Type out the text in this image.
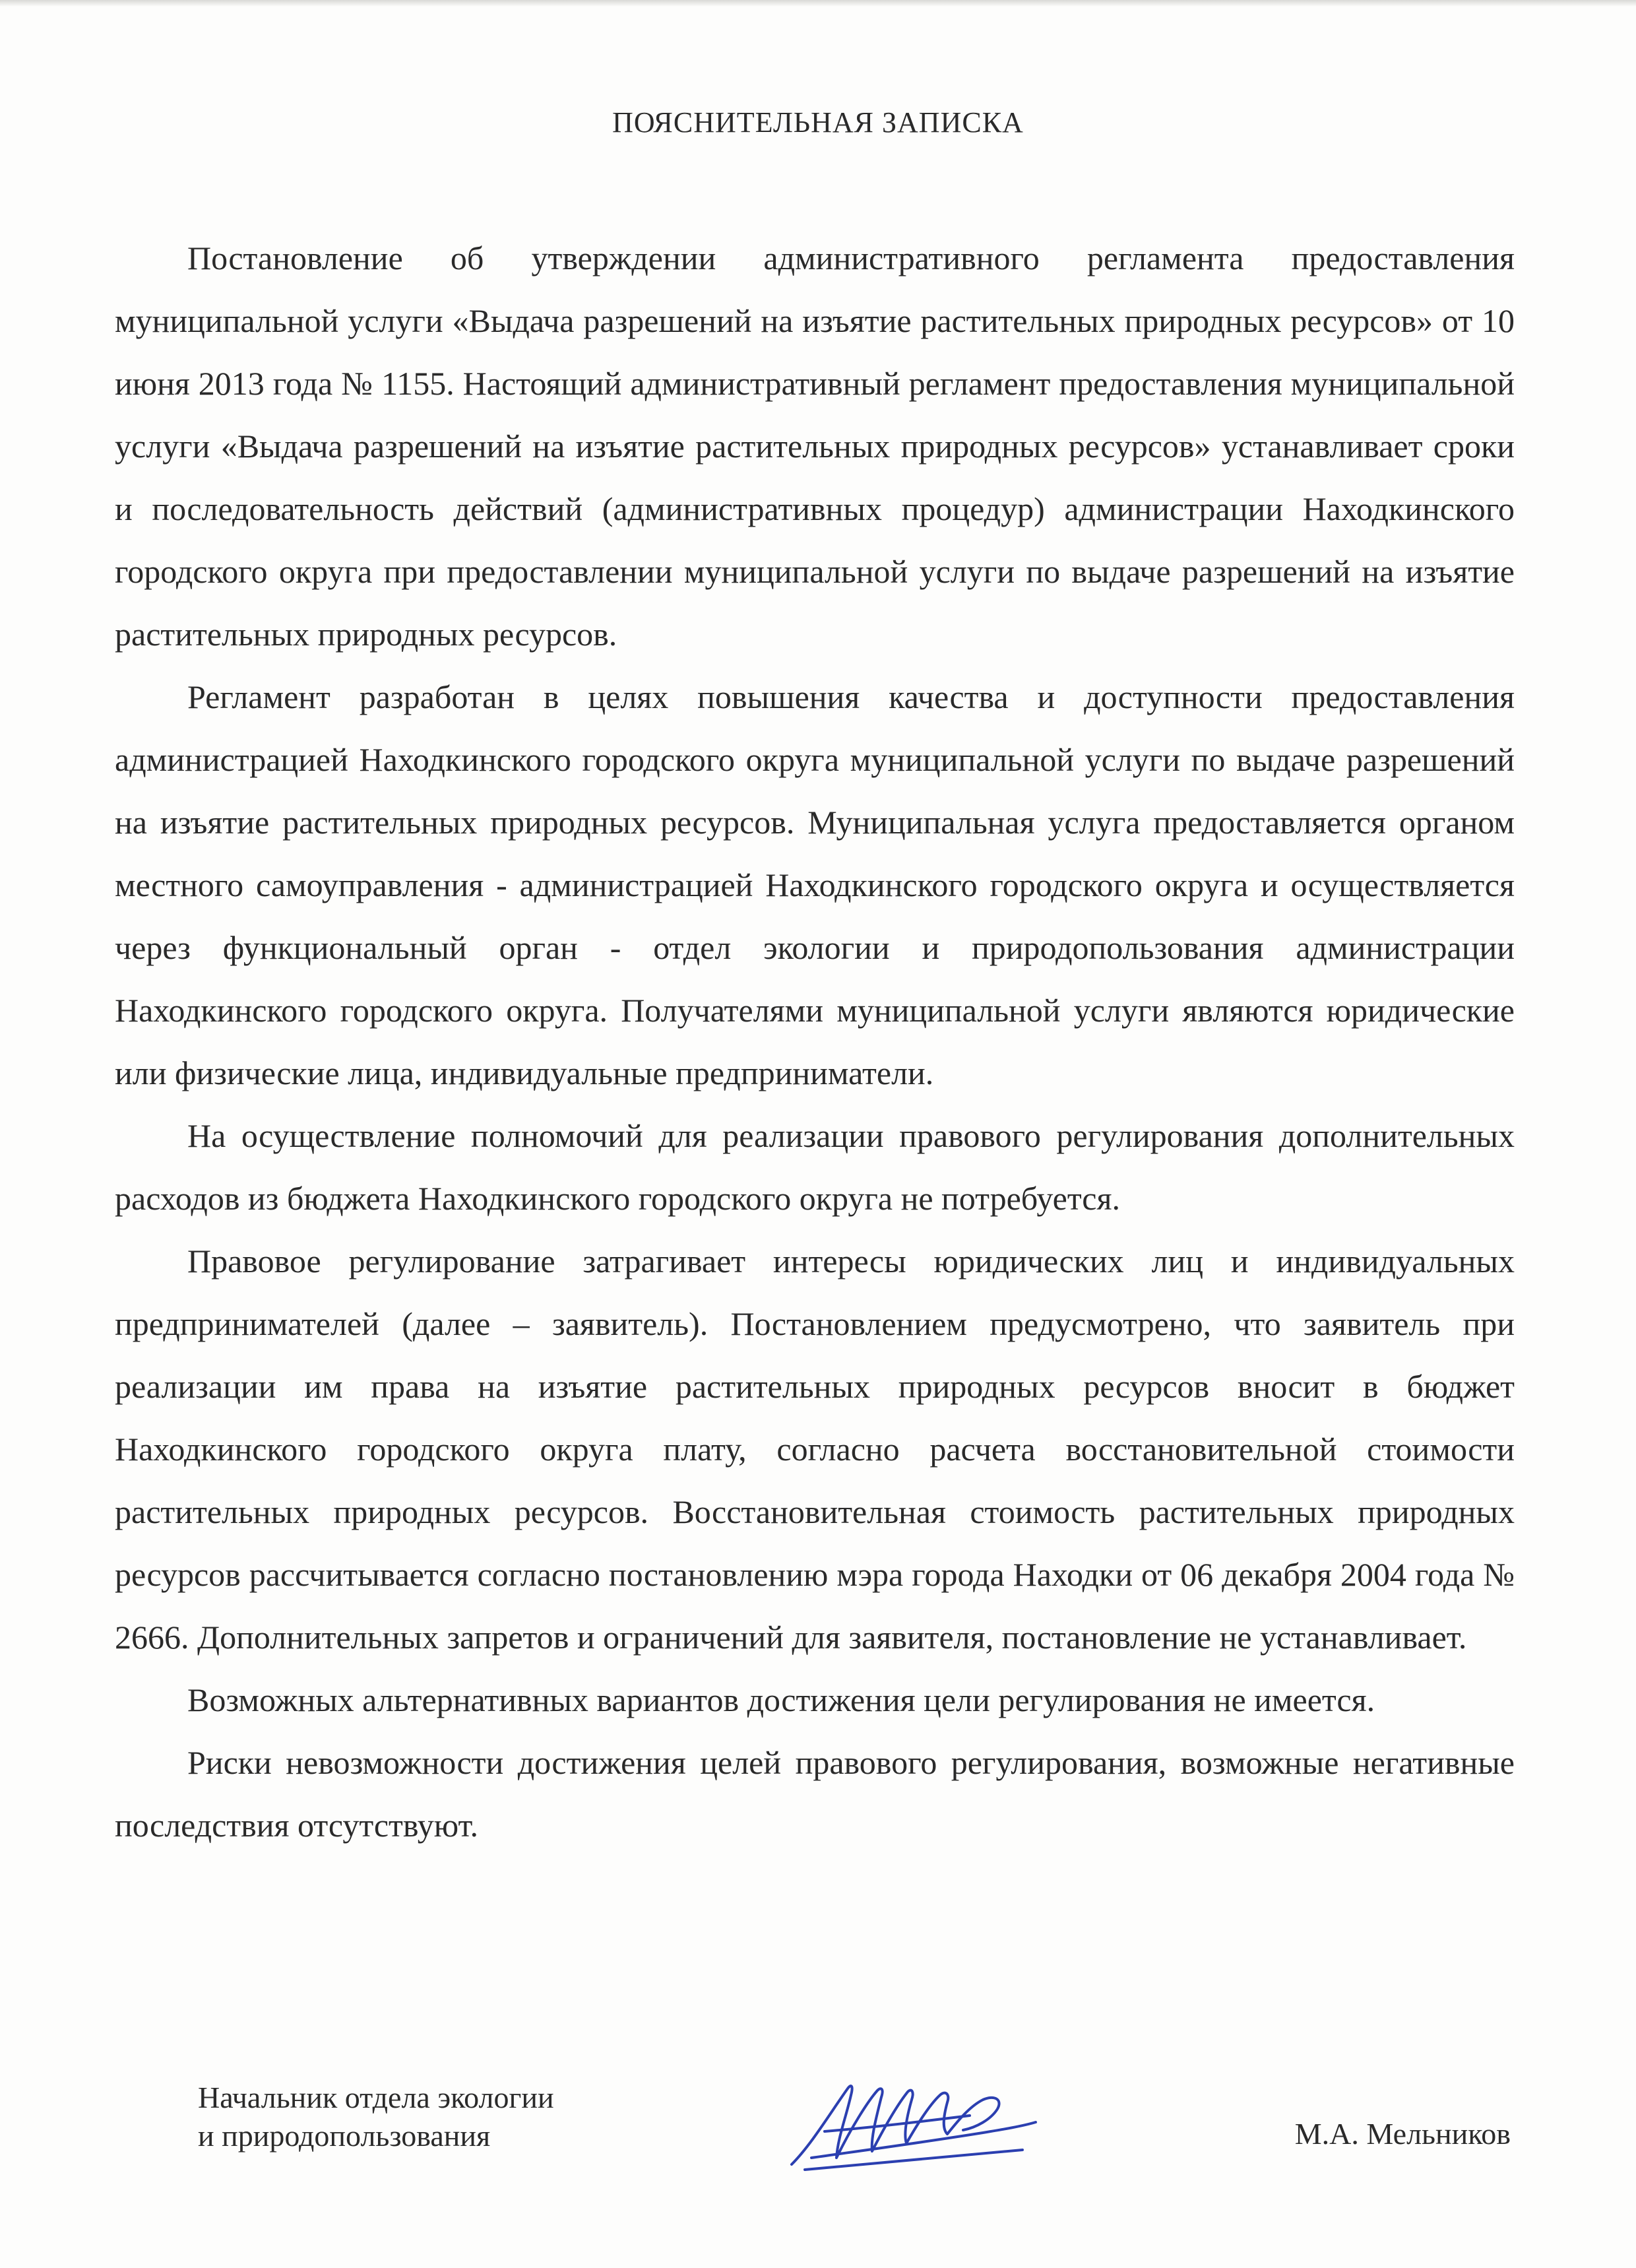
ПОЯСНИТЕЛЬНАЯ ЗАПИСКА

Постановление об утверждении административного регламента предоставления муниципальной услуги «Выдача разрешений на изъятие растительных природных ресурсов» от 10 июня 2013 года № 1155. Настоящий административный регламент предоставления муниципальной услуги «Выдача разрешений на изъятие растительных природных ресурсов» устанавливает сроки и последовательность действий (административных процедур) администрации Находкинского городского округа при предоставлении муниципальной услуги по выдаче разрешений на изъятие растительных природных ресурсов.

Регламент разработан в целях повышения качества и доступности предоставления администрацией Находкинского городского округа муниципальной услуги по выдаче разрешений на изъятие растительных природных ресурсов. Муниципальная услуга предоставляется органом местного самоуправления - администрацией Находкинского городского округа и осуществляется через функциональный орган - отдел экологии и природопользования администрации Находкинского городского округа. Получателями муниципальной услуги являются юридические или физические лица, индивидуальные предприниматели.

На осуществление полномочий для реализации правового регулирования дополнительных расходов из бюджета Находкинского городского округа не потребуется.

Правовое регулирование затрагивает интересы юридических лиц и индивидуальных предпринимателей (далее – заявитель). Постановлением предусмотрено, что заявитель при реализации им права на изъятие растительных природных ресурсов вносит в бюджет Находкинского городского округа плату, согласно расчета восстановительной стоимости растительных природных ресурсов. Восстановительная стоимость растительных природных ресурсов рассчитывается согласно постановлению мэра города Находки от 06 декабря 2004 года № 2666. Дополнительных запретов и ограничений для заявителя, постановление не устанавливает.

Возможных альтернативных вариантов достижения цели регулирования не имеется.

Риски невозможности достижения целей правового регулирования, возможные негативные последствия отсутствуют.

Начальник отдела экологии

и природопользования	М.А. Мельников
